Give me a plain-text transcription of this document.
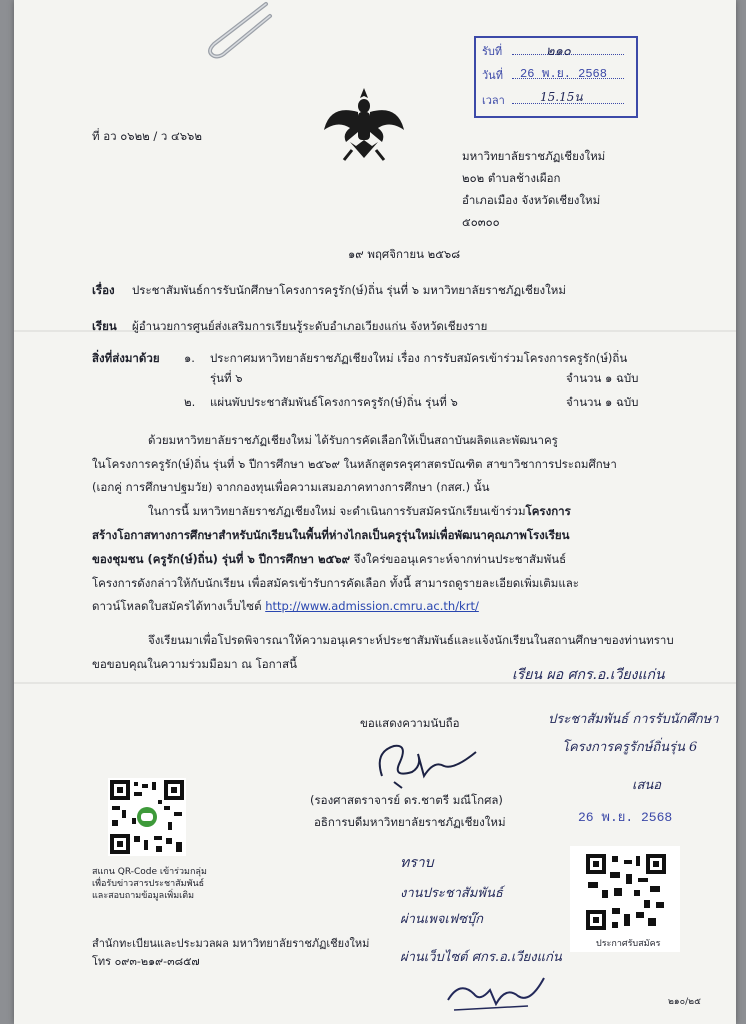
รับที่	๒๑๐
วันที่ 26 พ.ย. 2568
เวลา	15.15น
ที่ อว ๐๖๒๒ / ว ๔๖๖๒
มหาวิทยาลัยราชภัฏเชียงใหม่
๒๐๒ ตำบลช้างเผือก
อำเภอเมือง จังหวัดเชียงใหม่
๕๐๓๐๐
๑๙ พฤศจิกายน ๒๕๖๘
เรื่อง ประชาสัมพันธ์การรับนักศึกษาโครงการครูรัก(ษ์)ถิ่น รุ่นที่ ๖ มหาวิทยาลัยราชภัฏเชียงใหม่
เรียน ผู้อำนวยการศูนย์ส่งเสริมการเรียนรู้ระดับอำเภอเวียงแก่น จังหวัดเชียงราย
สิ่งที่ส่งมาด้วย ๑. ประกาศมหาวิทยาลัยราชภัฏเชียงใหม่ เรื่อง การรับสมัครเข้าร่วมโครงการครูรัก(ษ์)ถิ่น
รุ่นที่ ๖	จำนวน ๑ ฉบับ
๒. แผ่นพับประชาสัมพันธ์โครงการครูรัก(ษ์)ถิ่น รุ่นที่ ๖	จำนวน ๑ ฉบับ
ด้วยมหาวิทยาลัยราชภัฏเชียงใหม่ ได้รับการคัดเลือกให้เป็นสถาบันผลิตและพัฒนาครู
ในโครงการครูรัก(ษ์)ถิ่น รุ่นที่ ๖ ปีการศึกษา ๒๕๖๙ ในหลักสูตรครุศาสตรบัณฑิต สาขาวิชาการประถมศึกษา
(เอกคู่ การศึกษาปฐมวัย) จากกองทุนเพื่อความเสมอภาคทางการศึกษา (กสศ.) นั้น
ในการนี้ มหาวิทยาลัยราชภัฏเชียงใหม่ จะดำเนินการรับสมัครนักเรียนเข้าร่วมโครงการ
สร้างโอกาสทางการศึกษาสำหรับนักเรียนในพื้นที่ห่างไกลเป็นครูรุ่นใหม่เพื่อพัฒนาคุณภาพโรงเรียน
ของชุมชน (ครูรัก(ษ์)ถิ่น) รุ่นที่ ๖ ปีการศึกษา ๒๕๖๙ จึงใคร่ขออนุเคราะห์จากท่านประชาสัมพันธ์
โครงการดังกล่าวให้กับนักเรียน เพื่อสมัครเข้ารับการคัดเลือก ทั้งนี้ สามารถดูรายละเอียดเพิ่มเติมและ
ดาวน์โหลดใบสมัครได้ทางเว็บไซต์ http://www.admission.cmru.ac.th/krt/
จึงเรียนมาเพื่อโปรดพิจารณาให้ความอนุเคราะห์ประชาสัมพันธ์และแจ้งนักเรียนในสถานศึกษาของท่านทราบ
ขอขอบคุณในความร่วมมือมา ณ โอกาสนี้
เรียน ผอ ศกร.อ.เวียงแก่น
ประชาสัมพันธ์ การรับนักศึกษา
โครงการครูรักษ์ถิ่นรุ่น 6
เสนอ
26 พ.ย. 2568
ขอแสดงความนับถือ
(รองศาสตราจารย์ ดร.ชาตรี มณีโกศล)
อธิการบดีมหาวิทยาลัยราชภัฏเชียงใหม่
สแกน QR-Code เข้าร่วมกลุ่ม
เพื่อรับข่าวสารประชาสัมพันธ์
และสอบถามข้อมูลเพิ่มเติม
ทราบ
งานประชาสัมพันธ์
ผ่านเพจเฟซบุ๊ก
ผ่านเว็บไซต์ ศกร.อ.เวียงแก่น
ประกาศรับสมัคร
สำนักทะเบียนและประมวลผล มหาวิทยาลัยราชภัฏเชียงใหม่
โทร ๐๙๓-๒๑๙-๓๘๕๗
๒๑๐/๒๕
